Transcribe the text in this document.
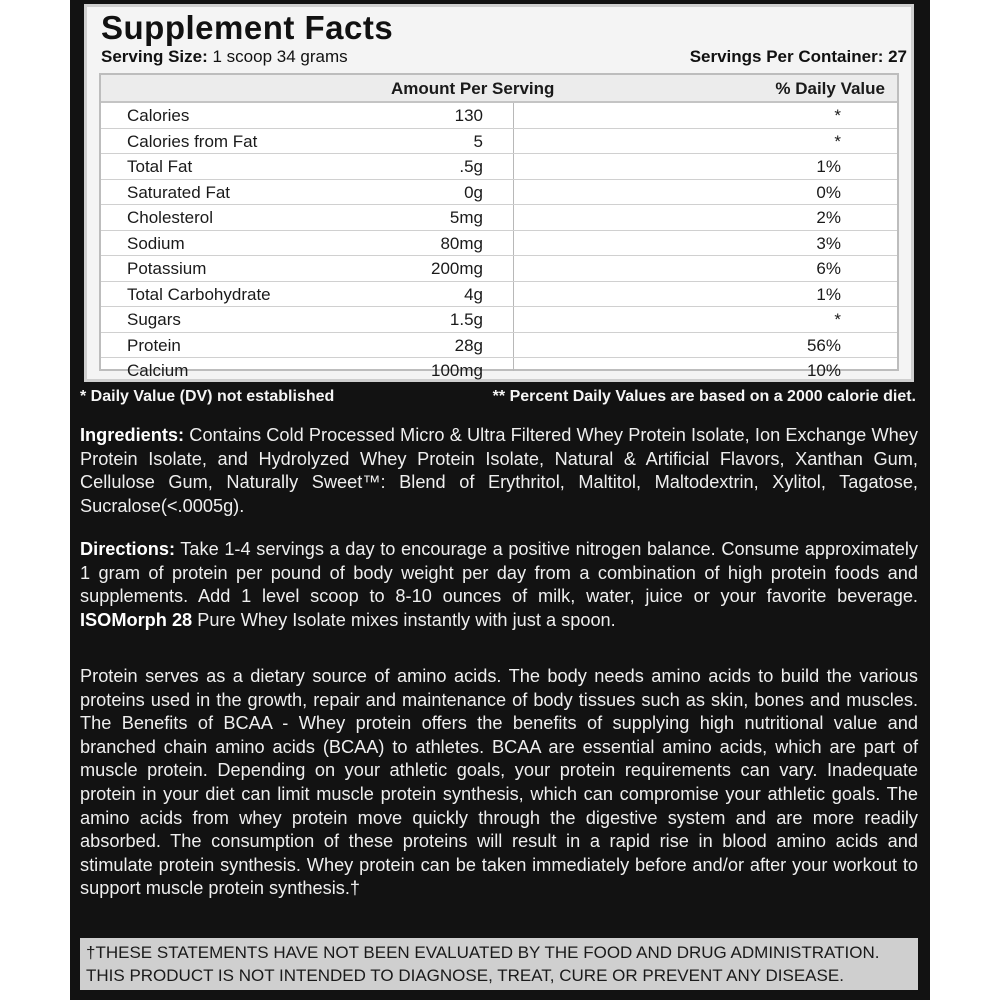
Supplement Facts
Serving Size: 1 scoop 34 grams	Servings Per Container: 27
Amount Per Serving	% Daily Value
Calories	130	*
Calories from Fat	5	*
Total Fat	.5g	1%
Saturated Fat	0g	0%
Cholesterol	5mg	2%
Sodium	80mg	3%
Potassium	200mg	6%
Total Carbohydrate	4g	1%
Sugars	1.5g	*
Protein	28g	56%
Calcium	100mg	10%
* Daily Value (DV) not established	** Percent Daily Values are based on a 2000 calorie diet.
Ingredients: Contains Cold Processed Micro & Ultra Filtered Whey Protein Isolate, Ion Exchange Whey Protein Isolate, and Hydrolyzed Whey Protein Isolate, Natural & Artificial Flavors, Xanthan Gum, Cellulose Gum, Naturally Sweet™: Blend of Erythritol, Maltitol, Maltodextrin, Xylitol, Tagatose, Sucralose(<.0005g).
Directions: Take 1-4 servings a day to encourage a positive nitrogen balance. Consume approximately 1 gram of protein per pound of body weight per day from a combination of high protein foods and supplements. Add 1 level scoop to 8-10 ounces of milk, water, juice or your favorite beverage. ISOMorph 28 Pure Whey Isolate mixes instantly with just a spoon.
Protein serves as a dietary source of amino acids. The body needs amino acids to build the various proteins used in the growth, repair and maintenance of body tissues such as skin, bones and muscles. The Benefits of BCAA - Whey protein offers the benefits of supplying high nutritional value and branched chain amino acids (BCAA) to athletes. BCAA are essential amino acids, which are part of muscle protein. Depending on your athletic goals, your protein requirements can vary. Inadequate protein in your diet can limit muscle protein synthesis, which can compromise your athletic goals. The amino acids from whey protein move quickly through the digestive system and are more readily absorbed. The consumption of these proteins will result in a rapid rise in blood amino acids and stimulate protein synthesis. Whey protein can be taken immediately before and/or after your workout to support muscle protein synthesis.†
†THESE STATEMENTS HAVE NOT BEEN EVALUATED BY THE FOOD AND DRUG ADMINISTRATION.
THIS PRODUCT IS NOT INTENDED TO DIAGNOSE, TREAT, CURE OR PREVENT ANY DISEASE.
